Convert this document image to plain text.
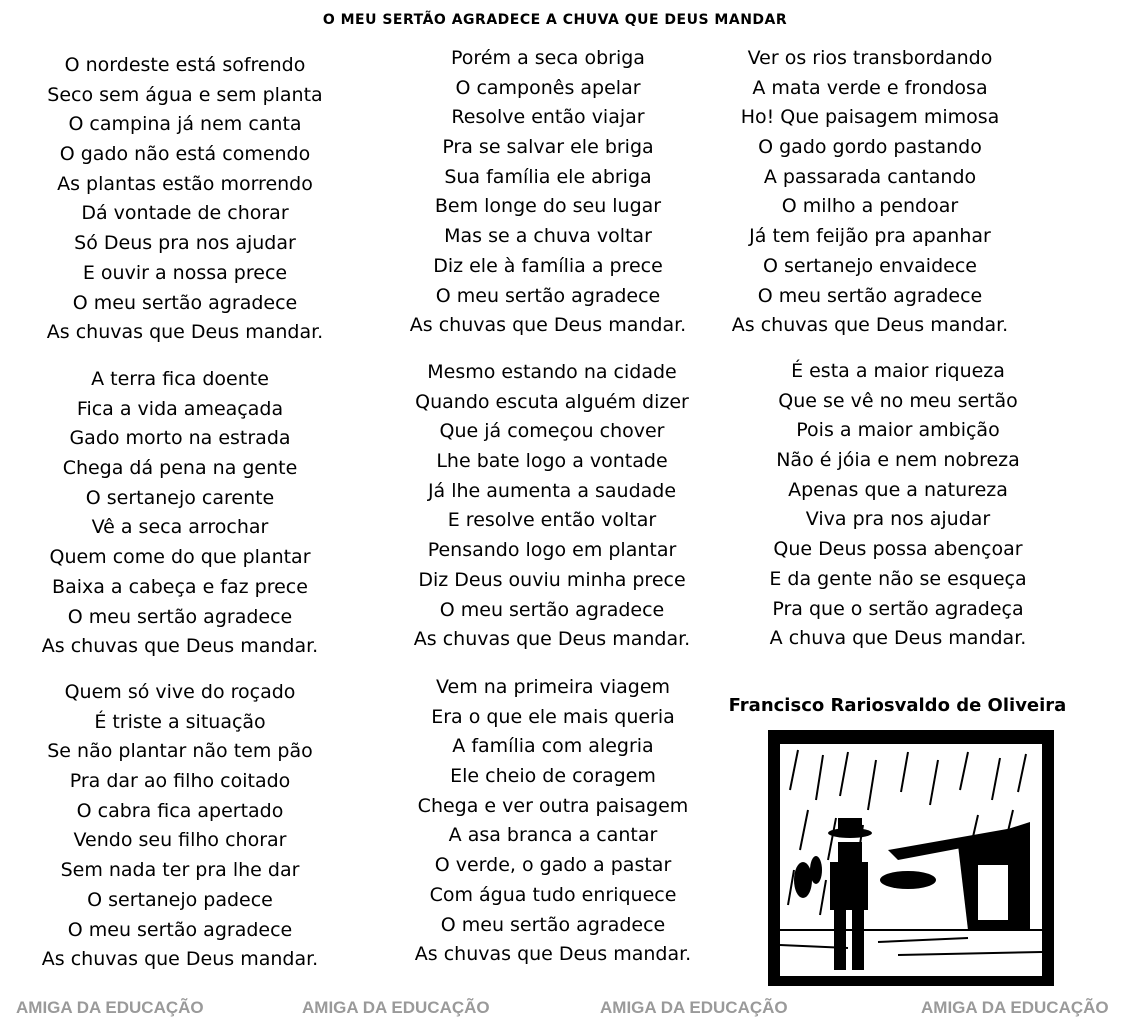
O MEU SERTÃO AGRADECE A CHUVA QUE DEUS MANDAR
O nordeste está sofrendo
Seco sem água e sem planta
O campina já nem canta
O gado não está comendo
As plantas estão morrendo
Dá vontade de chorar
Só Deus pra nos ajudar
E ouvir a nossa prece
O meu sertão agradece
As chuvas que Deus mandar.
A terra fica doente
Fica a vida ameaçada
Gado morto na estrada
Chega dá pena na gente
O sertanejo carente
Vê a seca arrochar
Quem come do que plantar
Baixa a cabeça e faz prece
O meu sertão agradece
As chuvas que Deus mandar.
Quem só vive do roçado
É triste a situação
Se não plantar não tem pão
Pra dar ao filho coitado
O cabra fica apertado
Vendo seu filho chorar
Sem nada ter pra lhe dar
O sertanejo padece
O meu sertão agradece
As chuvas que Deus mandar.
Porém a seca obriga
O camponês apelar
Resolve então viajar
Pra se salvar ele briga
Sua família ele abriga
Bem longe do seu lugar
Mas se a chuva voltar
Diz ele à família a prece
O meu sertão agradece
As chuvas que Deus mandar.
Mesmo estando na cidade
Quando escuta alguém dizer
Que já começou chover
Lhe bate logo a vontade
Já lhe aumenta a saudade
E resolve então voltar
Pensando logo em plantar
Diz Deus ouviu minha prece
O meu sertão agradece
As chuvas que Deus mandar.
Vem na primeira viagem
Era o que ele mais queria
A família com alegria
Ele cheio de coragem
Chega e ver outra paisagem
A asa branca a cantar
O verde, o gado a pastar
Com água tudo enriquece
O meu sertão agradece
As chuvas que Deus mandar.
Ver os rios transbordando
A mata verde e frondosa
Ho! Que paisagem mimosa
O gado gordo pastando
A passarada cantando
O milho a pendoar
Já tem feijão pra apanhar
O sertanejo envaidece
O meu sertão agradece
As chuvas que Deus mandar.
É esta a maior riqueza
Que se vê no meu sertão
Pois a maior ambição
Não é jóia e nem nobreza
Apenas que a natureza
Viva pra nos ajudar
Que Deus possa abençoar
E da gente não se esqueça
Pra que o sertão agradeça
A chuva que Deus mandar.
Francisco Rariosvaldo de Oliveira
AMIGA DA EDUCAÇÃO	AMIGA DA EDUCAÇÃO	AMIGA DA EDUCAÇÃO	AMIGA DA EDUCAÇÃO
